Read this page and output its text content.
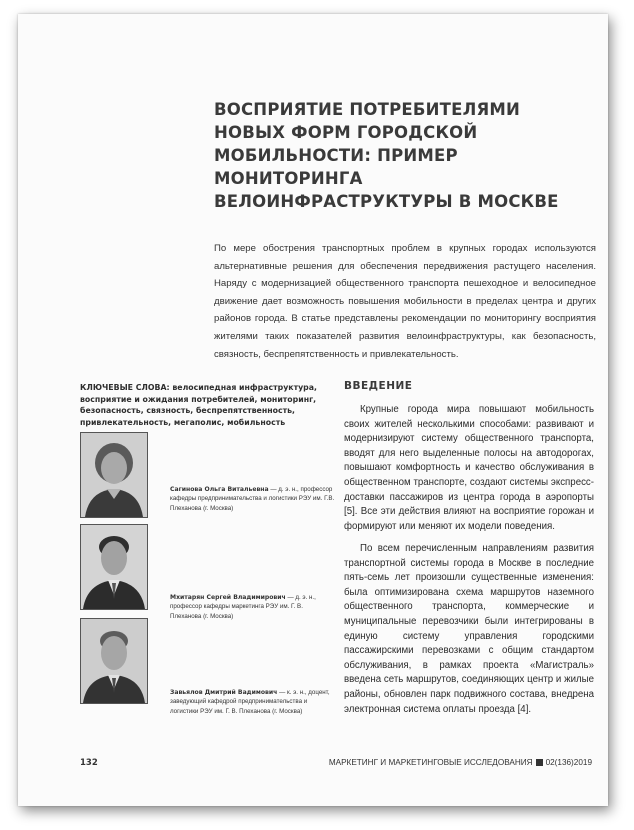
ВОСПРИЯТИЕ ПОТРЕБИТЕЛЯМИ НОВЫХ ФОРМ ГОРОДСКОЙ МОБИЛЬНОСТИ: ПРИМЕР МОНИТОРИНГА ВЕЛОИНФРАСТРУКТУРЫ В МОСКВЕ

По мере обострения транспортных проблем в крупных городах используются альтернативные решения для обеспечения передвижения растущего населения. Наряду с модернизацией общественного транспорта пешеходное и велосипедное движение дает возможность повышения мобильности в пределах центра и других районов города. В статье представлены рекомендации по мониторингу восприятия жителями таких показателей развития велоинфраструктуры, как безопасность, связность, беспрепятственность и привлекательность.

КЛЮЧЕВЫЕ СЛОВА: велосипедная инфраструктура, восприятие и ожидания потребителей, мониторинг, безопасность, связность, беспрепятственность, привлекательность, мегаполис, мобильность

Сагинова Ольга Витальевна — д. э. н., профессор кафедры предпринимательства и логистики РЭУ им. Г.В. Плеханова (г. Москва)

Мхитарян Сергей Владимирович — д. э. н., профессор кафедры маркетинга РЭУ им. Г. В. Плеханова (г. Москва)

Завьялов Дмитрий Вадимович — к. э. н., доцент, заведующий кафедрой предпринимательства и логистики РЭУ им. Г. В. Плеханова (г. Москва)

ВВЕДЕНИЕ

Крупные города мира повышают мобильность своих жителей несколькими способами: развивают и модернизируют систему общественного транспорта, вводят для него выделенные полосы на автодорогах, повышают комфортность и качество обслуживания в общественном транспорте, создают системы экспресс-доставки пассажиров из центра города в аэропорты [5]. Все эти действия влияют на восприятие горожан и формируют или меняют их модели поведения.

По всем перечисленным направлениям развития транспортной системы города в Москве в последние пять-семь лет произошли существенные изменения: была оптимизирована схема маршрутов наземного общественного транспорта, коммерческие и муниципальные перевозчики были интегрированы в единую систему управления городскими пассажирскими перевозками с общим стандартом обслуживания, в рамках проекта «Магистраль» введена сеть маршрутов, соединяющих центр и жилые районы, обновлен парк подвижного состава, внедрена электронная система оплаты проезда [4].

132	МАРКЕТИНГ И МАРКЕТИНГОВЫЕ ИССЛЕДОВАНИЯ 02(136)2019
